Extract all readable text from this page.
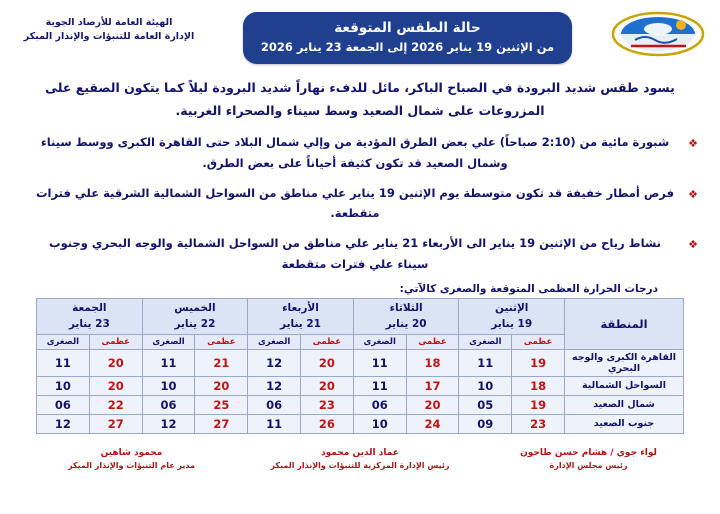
الهيئة العامة للأرصاد الجوية
الإدارة العامة للتنبؤات والإنذار المبكر
حالة الطقس المتوقعة
من الإثنين 19 يناير 2026 إلى الجمعة 23 يناير 2026

يسود طقس شديد البرودة في الصباح الباكر، مائل للدفء نهاراً شديد البرودة ليلاً كما يتكون الصقيع على المزروعات على شمال الصعيد وسط سيناء والصحراء الغربية.

❖
شبورة مائية من (2:10 صباحاً) علي بعض الطرق المؤدية من وإلي شمال البلاد حتى القاهرة الكبرى ووسط سيناء وشمال الصعيد قد تكون كثيفة أحياناً على بعض الطرق.
❖
فرص أمطار خفيفة قد تكون متوسطة يوم الإثنين 19 يناير علي مناطق من السواحل الشمالية الشرقية علي فترات متقطعة.
❖
نشاط رياح من الإثنين 19 يناير الى الأربعاء 21 يناير علي مناطق من السواحل الشمالية والوجه البحري وجنوب سيناء علي فترات متقطعة
درجات الحرارة العظمى المتوقعة والصغرى كالآتي:
المنطقة	
الإثنين
19 يناير

الثلاثاء
20 يناير

الأربعاء
21 يناير

الخميس
22 يناير

الجمعة
23 يناير

	عظمى	الصغرى	عظمى	الصغرى	عظمى	الصغرى	عظمى	الصغرى	عظمى	الصغرى
القاهرة الكبرى والوجه البحري	19	11	18	11	20	12	21	11	20	11
السواحل الشمالية	18	10	17	11	20	12	20	10	20	10
شمال الصعيد	19	05	20	06	23	06	25	06	22	06
جنوب الصعيد	23	09	24	10	26	11	27	12	27	12
محمود شاهين
مدير عام التنبؤات والإنذار المبكر
عماد الدين محمود
رئيس الإدارة المركزية للتنبؤات والإنذار المبكر
لواء جوي / هشام حسن طاحون
رئيس مجلس الإدارة
